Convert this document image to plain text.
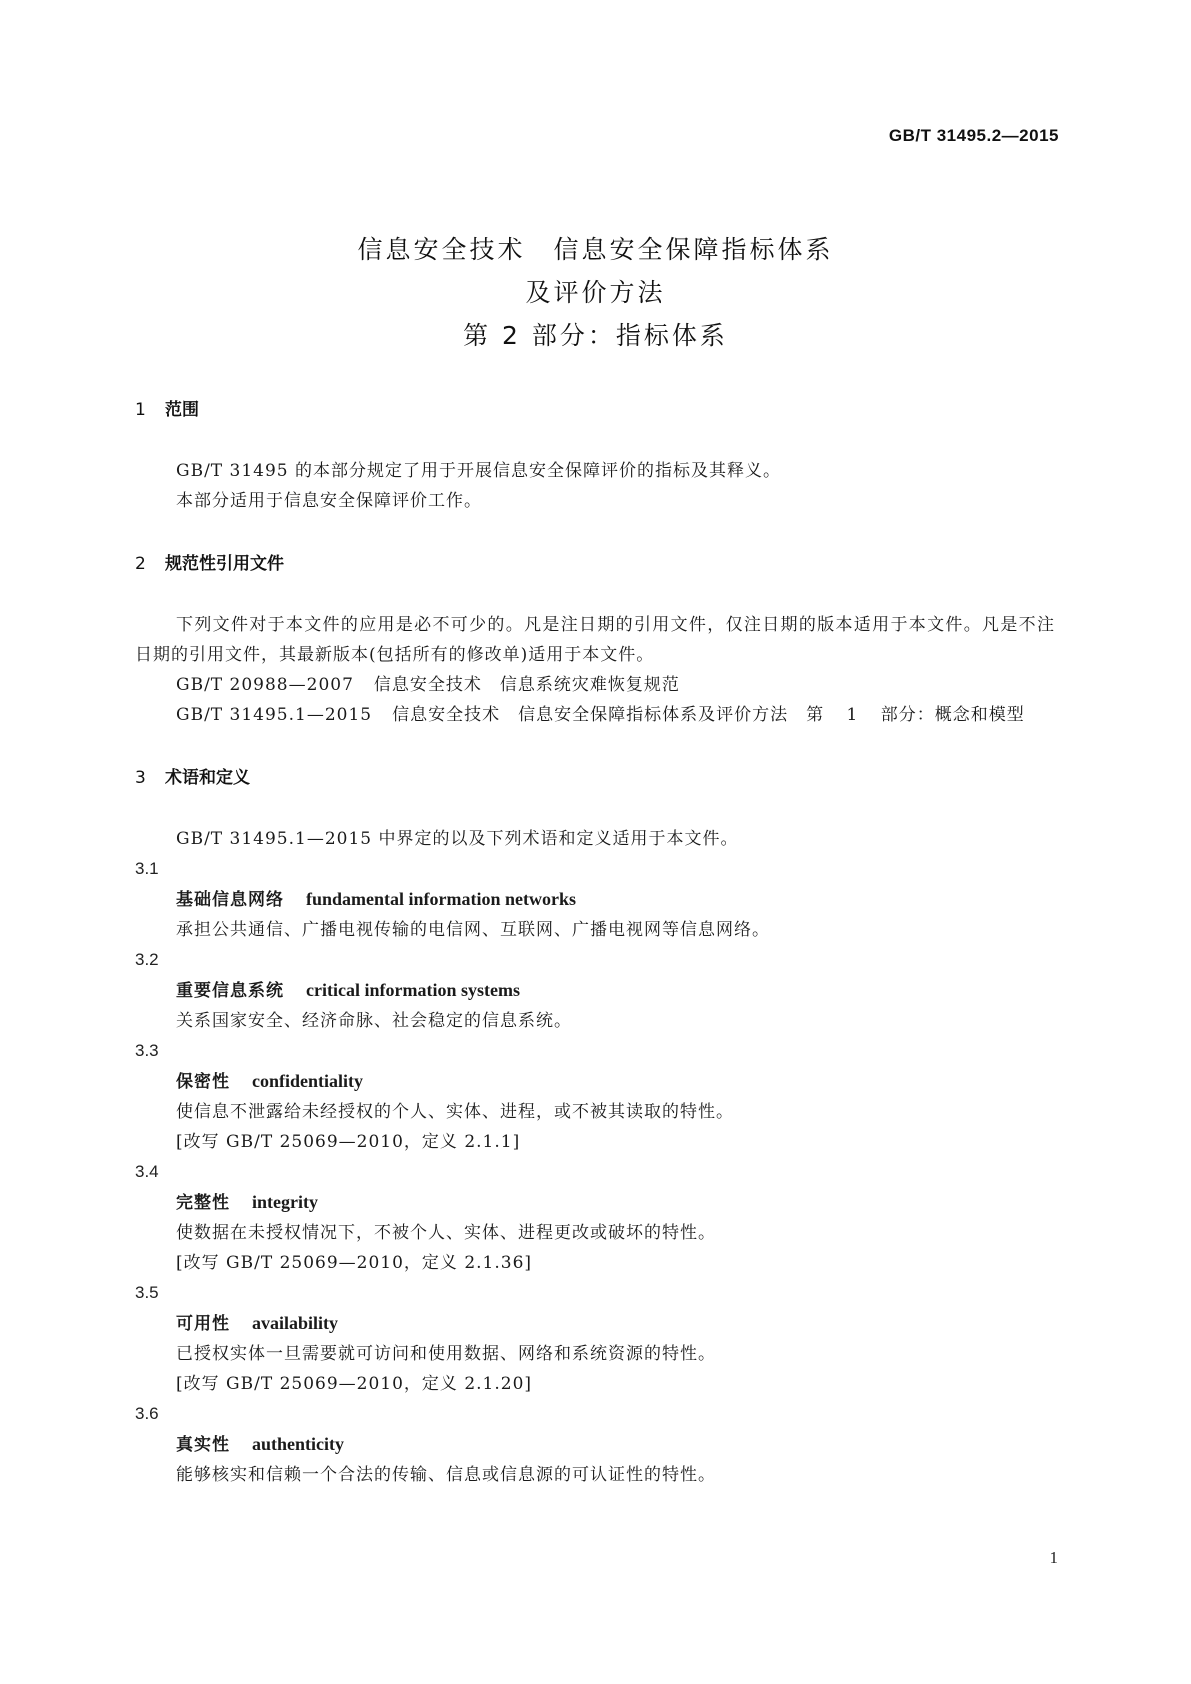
GB/T 31495.2—2015
信息安全技术　信息安全保障指标体系
及评价方法
第 2 部分：指标体系
1 范围
GB/T 31495 的本部分规定了用于开展信息安全保障评价的指标及其释义。
本部分适用于信息安全保障评价工作。
2 规范性引用文件
下列文件对于本文件的应用是必不可少的。凡是注日期的引用文件，仅注日期的版本适用于本文件。凡是不注日期的引用文件，其最新版本(包括所有的修改单)适用于本文件。
GB/T 20988—2007 信息安全技术　信息系统灾难恢复规范
GB/T 31495.1—2015 信息安全技术　信息安全保障指标体系及评价方法　第 1 部分：概念和模型
3 术语和定义
GB/T 31495.1—2015 中界定的以及下列术语和定义适用于本文件。
3.1
基础信息网络 fundamental information networks
承担公共通信、广播电视传输的电信网、互联网、广播电视网等信息网络。
3.2
重要信息系统 critical information systems
关系国家安全、经济命脉、社会稳定的信息系统。
3.3
保密性 confidentiality
使信息不泄露给未经授权的个人、实体、进程，或不被其读取的特性。
[改写 GB/T 25069—2010，定义 2.1.1]
3.4
完整性 integrity
使数据在未授权情况下，不被个人、实体、进程更改或破坏的特性。
[改写 GB/T 25069—2010，定义 2.1.36]
3.5
可用性 availability
已授权实体一旦需要就可访问和使用数据、网络和系统资源的特性。
[改写 GB/T 25069—2010，定义 2.1.20]
3.6
真实性 authenticity
能够核实和信赖一个合法的传输、信息或信息源的可认证性的特性。
1
